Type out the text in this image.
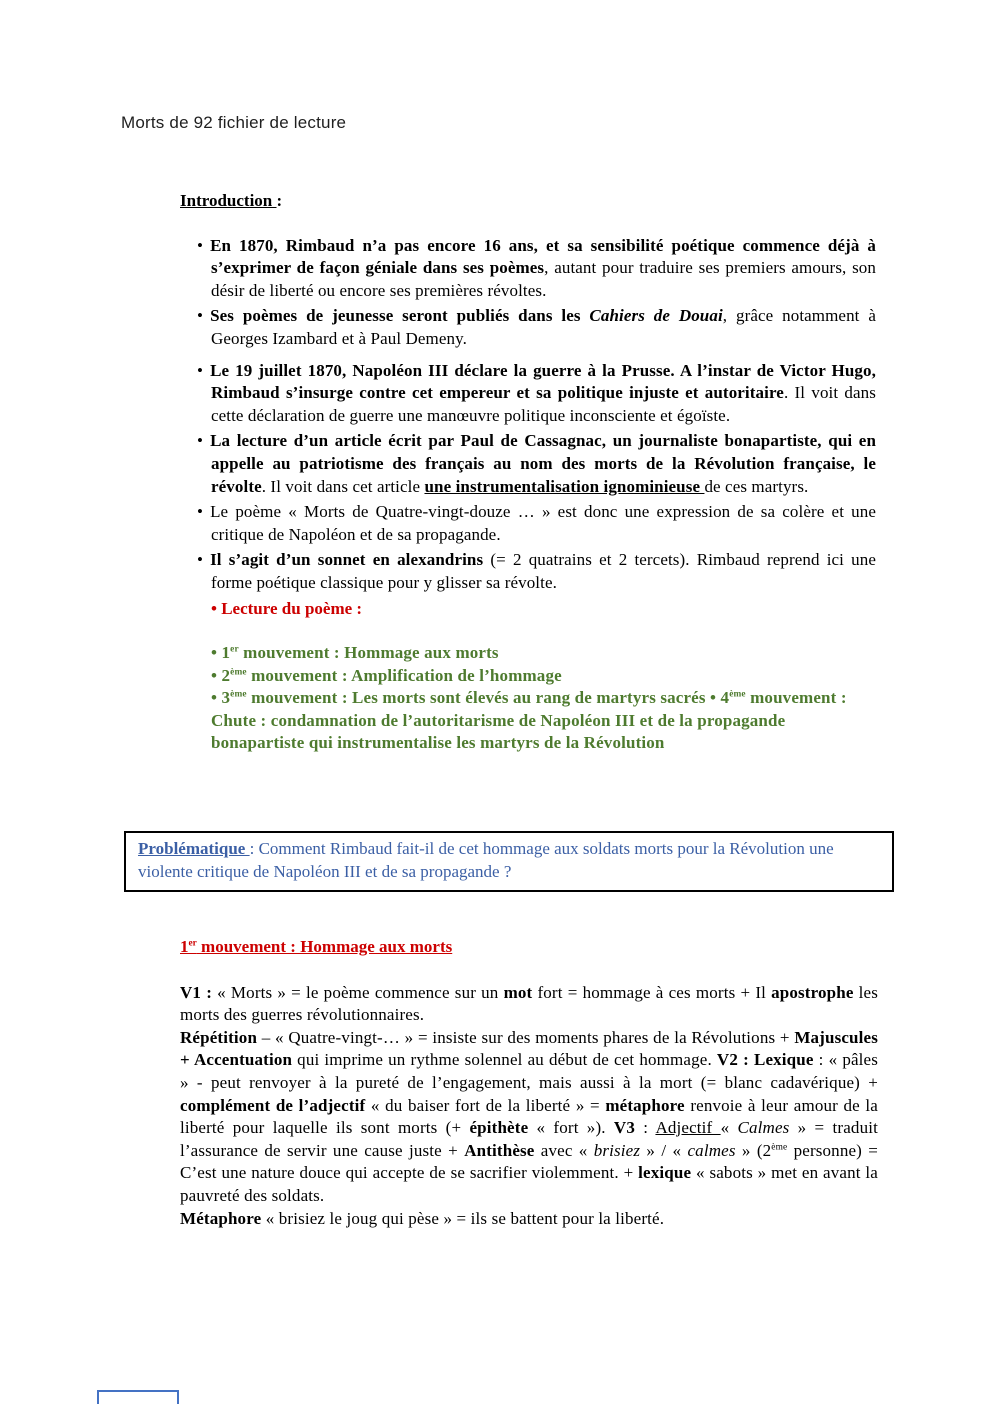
Morts de 92 fichier de lecture
Introduction :
• En 1870, Rimbaud n’a pas encore 16 ans, et sa sensibilité poétique commence déjà à s’exprimer de façon géniale dans ses poèmes, autant pour traduire ses premiers amours, son désir de liberté ou encore ses premières révoltes.
• Ses poèmes de jeunesse seront publiés dans les Cahiers de Douai, grâce notamment à Georges Izambard et à Paul Demeny.
• Le 19 juillet 1870, Napoléon III déclare la guerre à la Prusse. A l’instar de Victor Hugo, Rimbaud s’insurge contre cet empereur et sa politique injuste et autoritaire. Il voit dans cette déclaration de guerre une manœuvre politique inconsciente et égoïste.
• La lecture d’un article écrit par Paul de Cassagnac, un journaliste bonapartiste, qui en appelle au patriotisme des français au nom des morts de la Révolution française, le révolte. Il voit dans cet article une instrumentalisation ignominieuse de ces martyrs.
• Le poème « Morts de Quatre-vingt-douze … » est donc une expression de sa colère et une critique de Napoléon et de sa propagande.
• Il s’agit d’un sonnet en alexandrins (= 2 quatrains et 2 tercets). Rimbaud reprend ici une forme poétique classique pour y glisser sa révolte.

• Lecture du poème :

• 1er mouvement : Hommage aux morts

• 2ème mouvement : Amplification de l’hommage

• 3ème mouvement : Les morts sont élevés au rang de martyrs sacrés • 4ème mouvement : Chute : condamnation de l’autoritarisme de Napoléon III et de la propagande bonapartiste qui instrumentalise les martyrs de la Révolution

Problématique : Comment Rimbaud fait-il de cet hommage aux soldats morts pour la Révolution une violente critique de Napoléon III et de sa propagande ?
1er mouvement : Hommage aux morts

V1 : « Morts » = le poème commence sur un mot fort = hommage à ces morts + Il apostrophe les morts des guerres révolutionnaires.

Répétition – « Quatre-vingt-… » = insiste sur des moments phares de la Révolutions + Majuscules + Accentuation qui imprime un rythme solennel au début de cet hommage. V2 : Lexique : « pâles » - peut renvoyer à la pureté de l’engagement, mais aussi à la mort (= blanc cadavérique) + complément de l’adjectif « du baiser fort de la liberté » = métaphore renvoie à leur amour de la liberté pour laquelle ils sont morts (+ épithète « fort »). V3 : Adjectif « Calmes » = traduit l’assurance de servir une cause juste + Antithèse avec « brisiez » / « calmes » (2ème personne) = C’est une nature douce qui accepte de se sacrifier violemment. + lexique « sabots » met en avant la pauvreté des soldats.

Métaphore « brisiez le joug qui pèse » = ils se battent pour la liberté.
